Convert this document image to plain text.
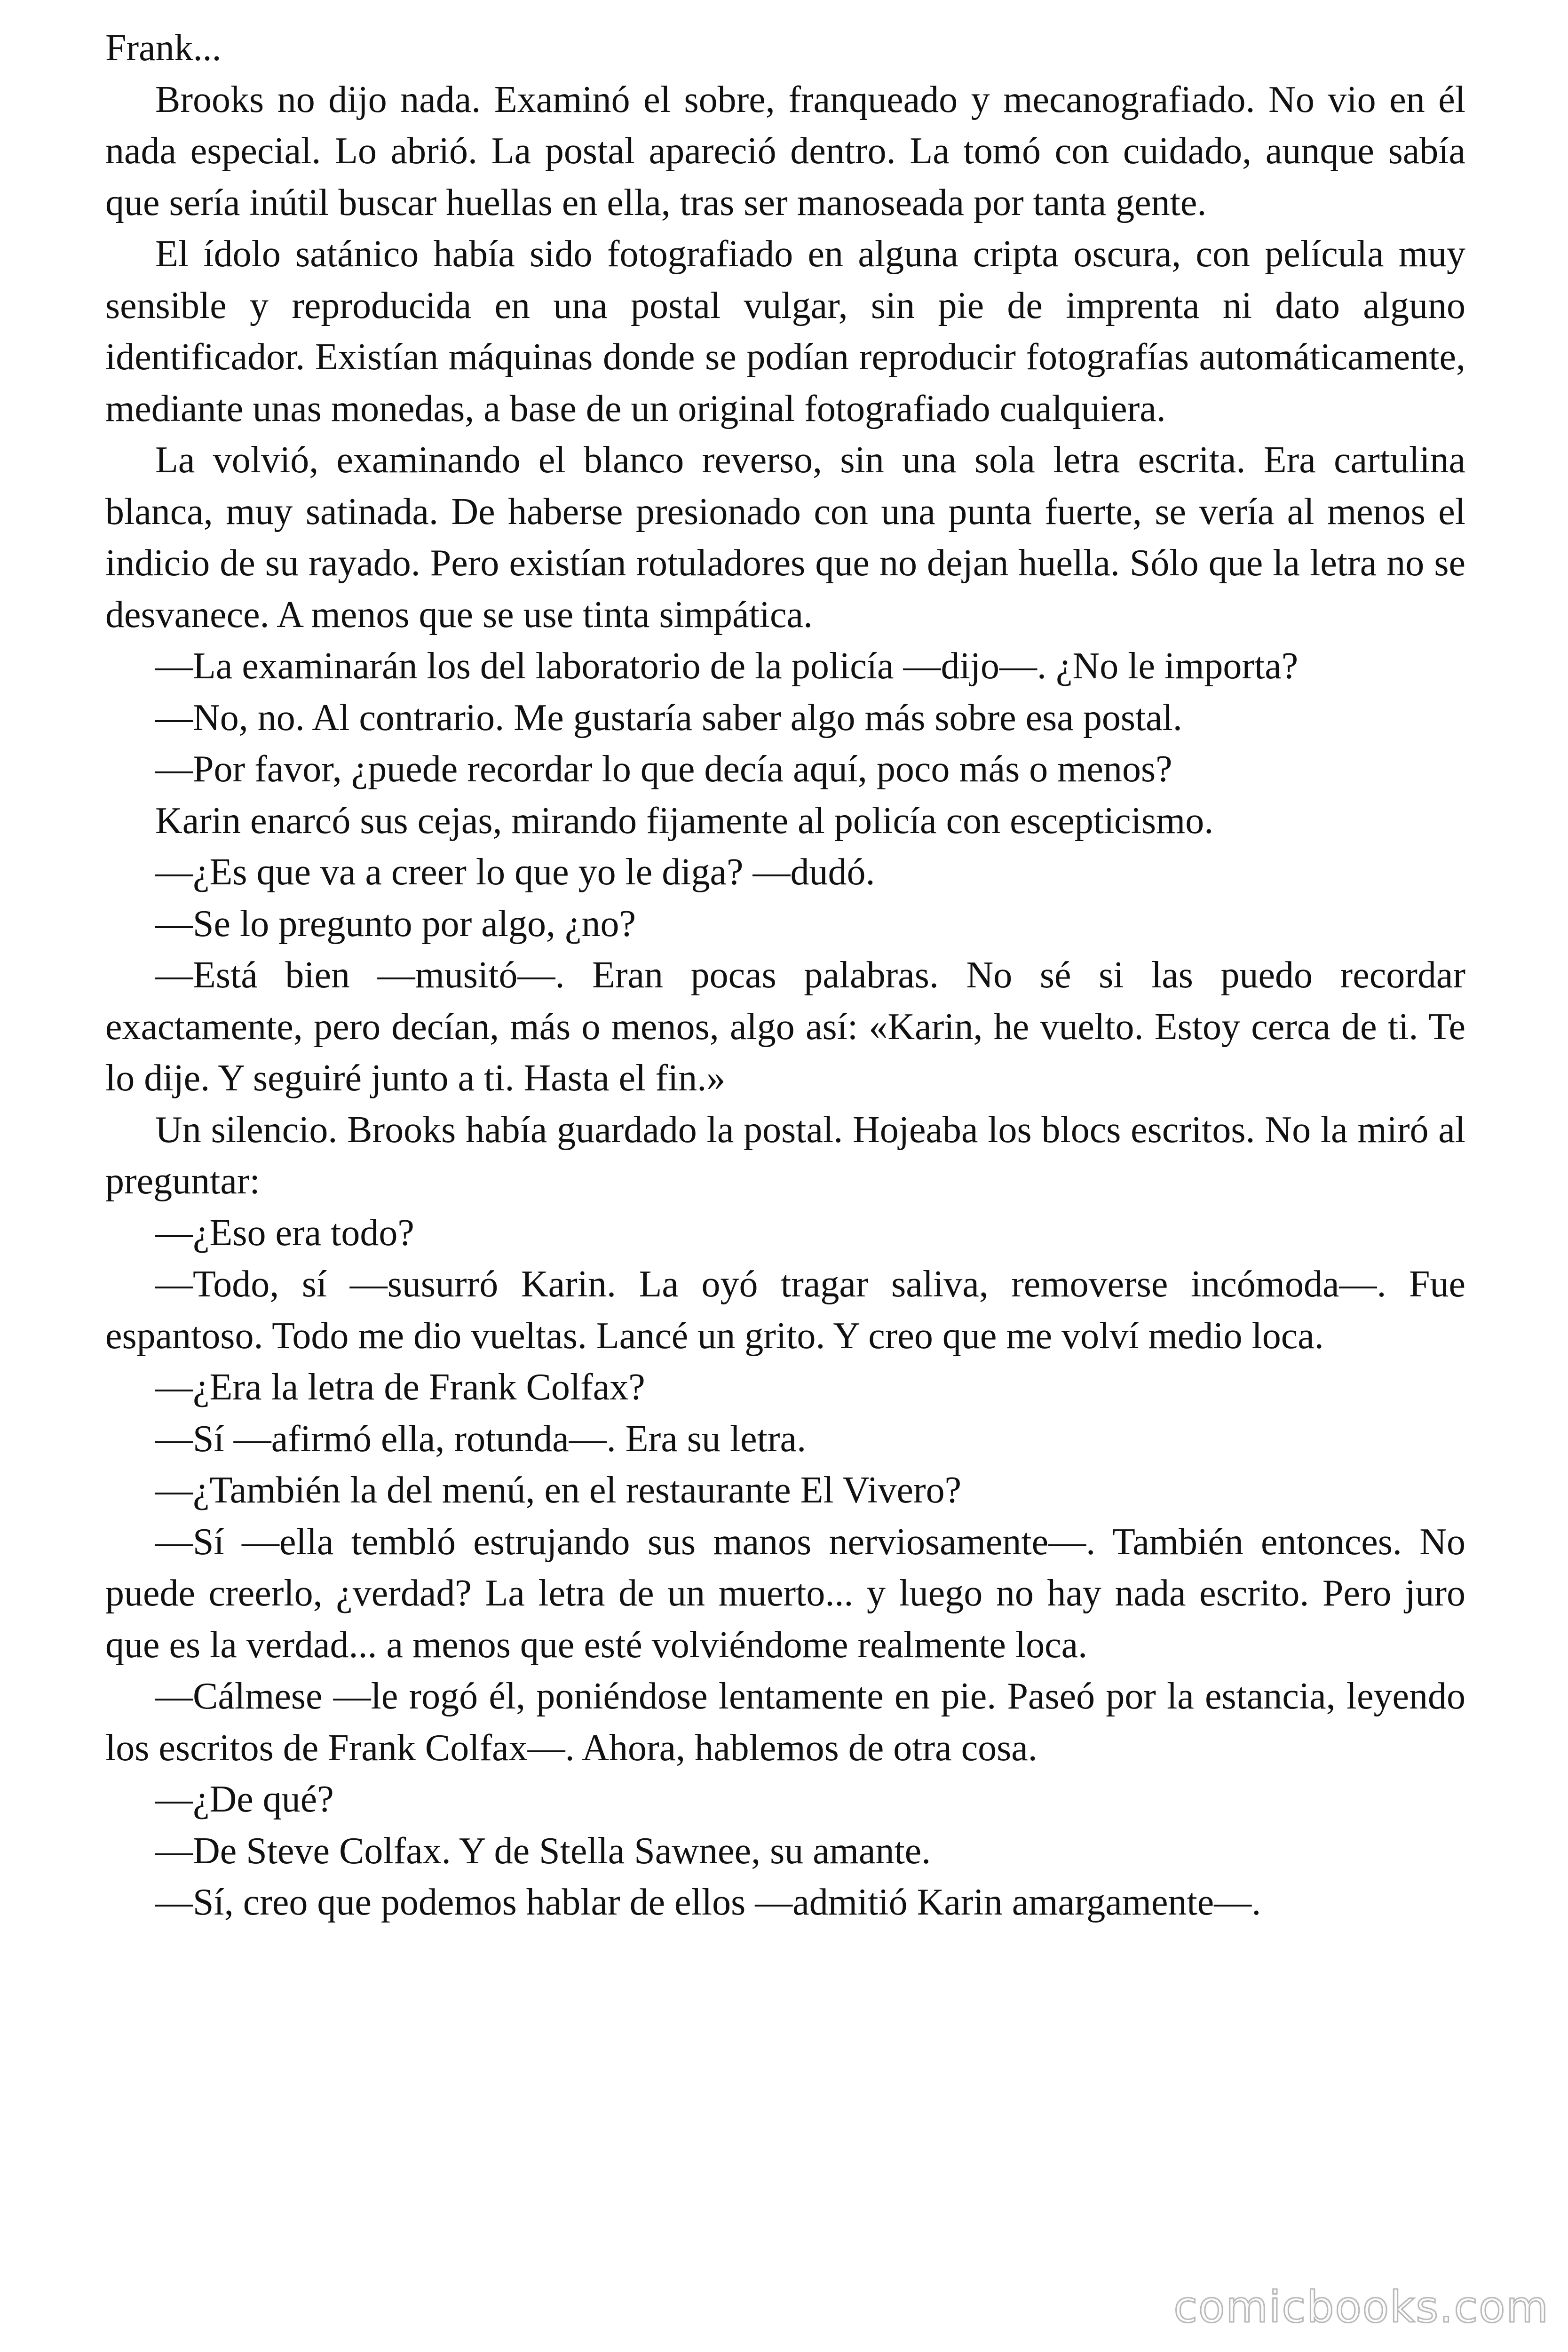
Frank...

Brooks no dijo nada. Examinó el sobre, franqueado y mecanografiado. No vio en él nada especial. Lo abrió. La postal apareció dentro. La tomó con cuidado, aunque sabía que sería inútil buscar huellas en ella, tras ser manoseada por tanta gente.

El ídolo satánico había sido fotografiado en alguna cripta oscura, con película muy sensible y reproducida en una postal vulgar, sin pie de imprenta ni dato alguno identificador. Existían máquinas donde se podían reproducir fotografías automáticamente, mediante unas monedas, a base de un original fotografiado cualquiera.

La volvió, examinando el blanco reverso, sin una sola letra escrita. Era cartulina blanca, muy satinada. De haberse presionado con una punta fuerte, se vería al menos el indicio de su rayado. Pero existían rotuladores que no dejan huella. Sólo que la letra no se desvanece. A menos que se use tinta simpática.

—La examinarán los del laboratorio de la policía —dijo—. ¿No le importa?

—No, no. Al contrario. Me gustaría saber algo más sobre esa postal.

—Por favor, ¿puede recordar lo que decía aquí, poco más o menos?

Karin enarcó sus cejas, mirando fijamente al policía con escepticismo.

—¿Es que va a creer lo que yo le diga? —dudó.

—Se lo pregunto por algo, ¿no?

—Está bien —musitó—. Eran pocas palabras. No sé si las puedo recordar exactamente, pero decían, más o menos, algo así: «Karin, he vuelto. Estoy cerca de ti. Te lo dije. Y seguiré junto a ti. Hasta el fin.»

Un silencio. Brooks había guardado la postal. Hojeaba los blocs escritos. No la miró al preguntar:

—¿Eso era todo?

—Todo, sí —susurró Karin. La oyó tragar saliva, removerse incómoda—. Fue espantoso. Todo me dio vueltas. Lancé un grito. Y creo que me volví medio loca.

—¿Era la letra de Frank Colfax?

—Sí —afirmó ella, rotunda—. Era su letra.

—¿También la del menú, en el restaurante El Vivero?

—Sí —ella tembló estrujando sus manos nerviosamente—. También entonces. No puede creerlo, ¿verdad? La letra de un muerto... y luego no hay nada escrito. Pero juro que es la verdad... a menos que esté volviéndome realmente loca.

—Cálmese —le rogó él, poniéndose lentamente en pie. Paseó por la estancia, leyendo los escritos de Frank Colfax—. Ahora, hablemos de otra cosa.

—¿De qué?

—De Steve Colfax. Y de Stella Sawnee, su amante.

—Sí, creo que podemos hablar de ellos —admitió Karin amargamente—.

comicbooks.com
